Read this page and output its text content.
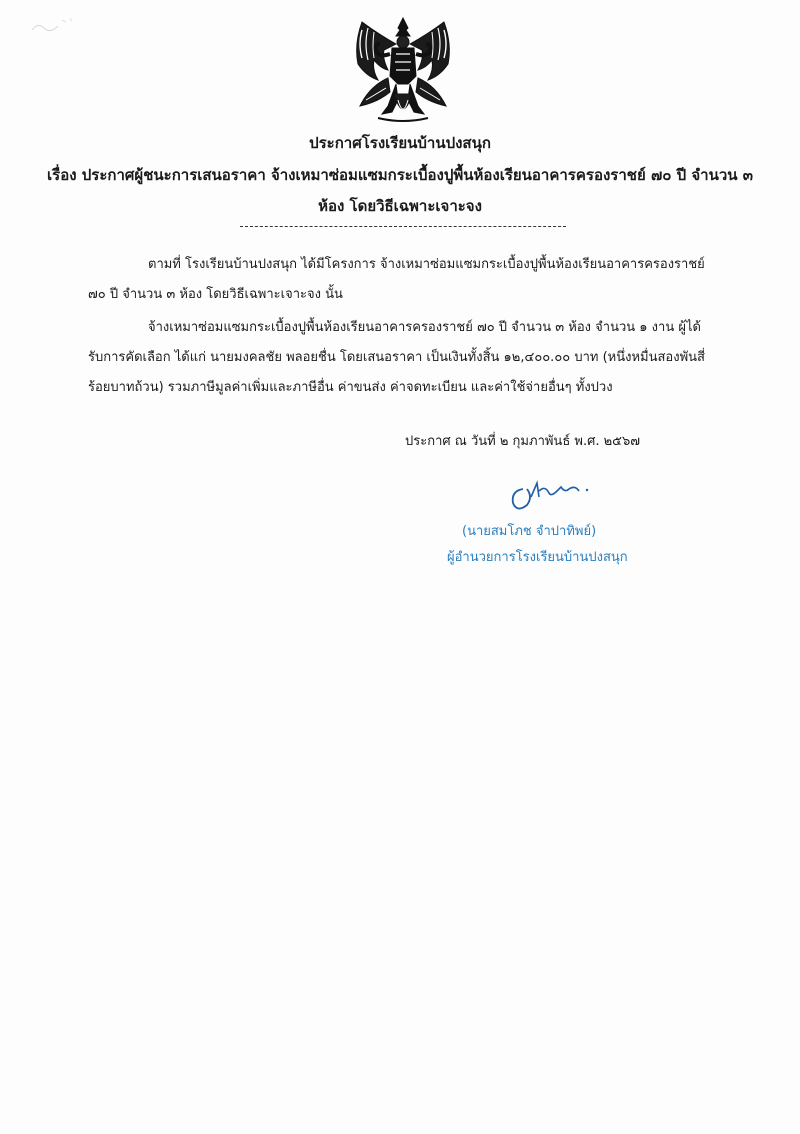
ประกาศโรงเรียนบ้านปงสนุก
เรื่อง ประกาศผู้ชนะการเสนอราคา จ้างเหมาซ่อมแซมกระเบื้องปูพื้นห้องเรียนอาคารครองราชย์ ๗๐ ปี จำนวน ๓
ห้อง โดยวิธีเฉพาะเจาะจง
ตามที่ โรงเรียนบ้านปงสนุก ได้มีโครงการ จ้างเหมาซ่อมแซมกระเบื้องปูพื้นห้องเรียนอาคารครองราชย์
๗๐ ปี จำนวน ๓ ห้อง โดยวิธีเฉพาะเจาะจง นั้น
จ้างเหมาซ่อมแซมกระเบื้องปูพื้นห้องเรียนอาคารครองราชย์ ๗๐ ปี จำนวน ๓ ห้อง จำนวน ๑ งาน ผู้ได้
รับการคัดเลือก ได้แก่ นายมงคลชัย พลอยชื่น โดยเสนอราคา เป็นเงินทั้งสิ้น ๑๒,๔๐๐.๐๐ บาท (หนึ่งหมื่นสองพันสี่
ร้อยบาทถ้วน) รวมภาษีมูลค่าเพิ่มและภาษีอื่น ค่าขนส่ง ค่าจดทะเบียน และค่าใช้จ่ายอื่นๆ ทั้งปวง
ประกาศ ณ วันที่ ๒ กุมภาพันธ์ พ.ศ. ๒๕๖๗
(นายสมโภช จำปาทิพย์)
ผู้อำนวยการโรงเรียนบ้านปงสนุก
